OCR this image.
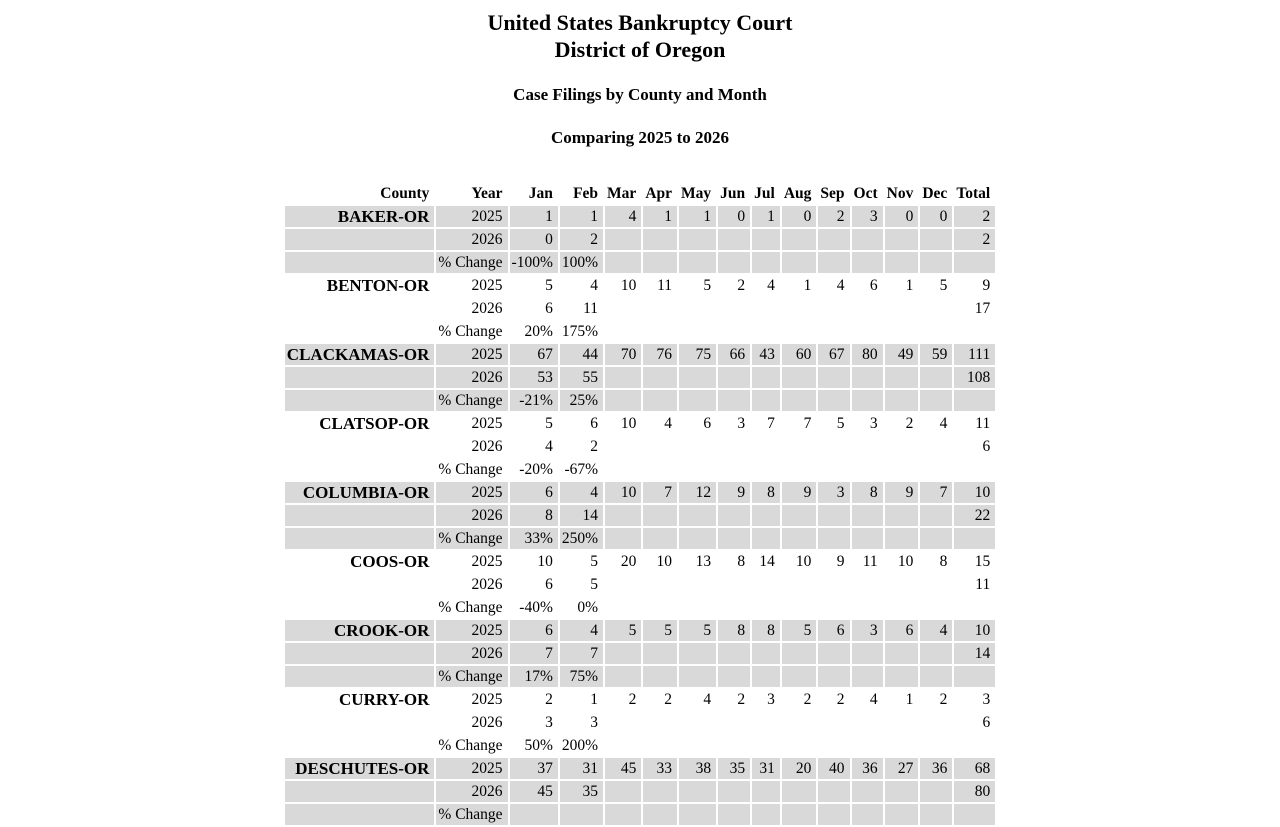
United States Bankruptcy Court
District of Oregon
Case Filings by County and Month
Comparing 2025 to 2026
County	Year	Jan	Feb	Mar	Apr	May	Jun	Jul	Aug	Sep	Oct	Nov	Dec	Total
BAKER-OR	2025	1	1	4	1	1	0	1	0	2	3	0	0	2
	2026	0	2											2
	% Change	-100%	100%											
BENTON-OR	2025	5	4	10	11	5	2	4	1	4	6	1	5	9
	2026	6	11											17
	% Change	20%	175%											
CLACKAMAS-OR	2025	67	44	70	76	75	66	43	60	67	80	49	59	111
	2026	53	55											108
	% Change	-21%	25%											
CLATSOP-OR	2025	5	6	10	4	6	3	7	7	5	3	2	4	11
	2026	4	2											6
	% Change	-20%	-67%											
COLUMBIA-OR	2025	6	4	10	7	12	9	8	9	3	8	9	7	10
	2026	8	14											22
	% Change	33%	250%											
COOS-OR	2025	10	5	20	10	13	8	14	10	9	11	10	8	15
	2026	6	5											11
	% Change	-40%	0%											
CROOK-OR	2025	6	4	5	5	5	8	8	5	6	3	6	4	10
	2026	7	7											14
	% Change	17%	75%											
CURRY-OR	2025	2	1	2	2	4	2	3	2	2	4	1	2	3
	2026	3	3											6
	% Change	50%	200%											
DESCHUTES-OR	2025	37	31	45	33	38	35	31	20	40	36	27	36	68
	2026	45	35											80
	% Change													
